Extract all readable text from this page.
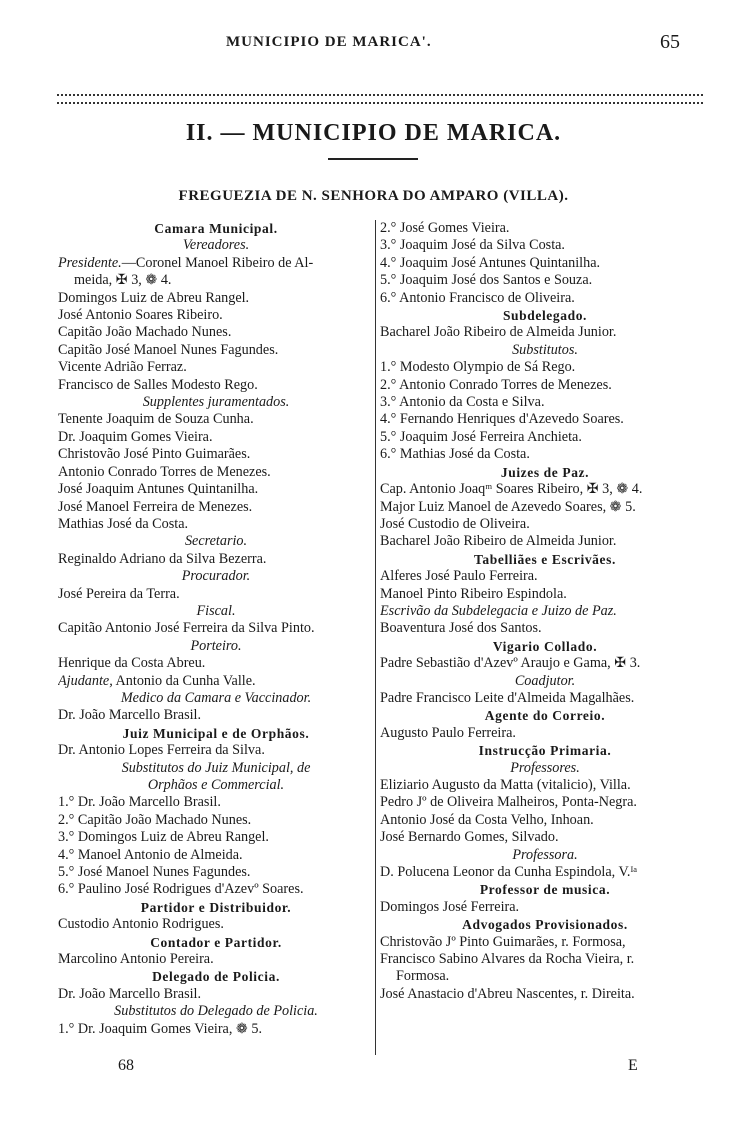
MUNICIPIO DE MARICA'.	65
II. — MUNICIPIO DE MARICA.
FREGUEZIA DE N. SENHORA DO AMPARO (VILLA).
Camara Municipal.
Vereadores.
Presidente.—Coronel Manoel Ribeiro de Al-
meida, ✠ 3, ❁ 4.
Domingos Luiz de Abreu Rangel.
José Antonio Soares Ribeiro.
Capitão João Machado Nunes.
Capitão José Manoel Nunes Fagundes.
Vicente Adrião Ferraz.
Francisco de Salles Modesto Rego.
Supplentes juramentados.
Tenente Joaquim de Souza Cunha.
Dr. Joaquim Gomes Vieira.
Christovão José Pinto Guimarães.
Antonio Conrado Torres de Menezes.
José Joaquim Antunes Quintanilha.
José Manoel Ferreira de Menezes.
Mathias José da Costa.
Secretario.
Reginaldo Adriano da Silva Bezerra.
Procurador.
José Pereira da Terra.
Fiscal.
Capitão Antonio José Ferreira da Silva Pinto.
Porteiro.
Henrique da Costa Abreu.
Ajudante, Antonio da Cunha Valle.
Medico da Camara e Vaccinador.
Dr. João Marcello Brasil.
Juiz Municipal e de Orphãos.
Dr. Antonio Lopes Ferreira da Silva.
Substitutos do Juiz Municipal, de
Orphãos e Commercial.
1.° Dr. João Marcello Brasil.
2.° Capitão João Machado Nunes.
3.° Domingos Luiz de Abreu Rangel.
4.° Manoel Antonio de Almeida.
5.° José Manoel Nunes Fagundes.
6.° Paulino José Rodrigues d'Azevº Soares.
Partidor e Distribuidor.
Custodio Antonio Rodrigues.
Contador e Partidor.
Marcolino Antonio Pereira.
Delegado de Policia.
Dr. João Marcello Brasil.
Substitutos do Delegado de Policia.
1.° Dr. Joaquim Gomes Vieira, ❁ 5.
2.° José Gomes Vieira.
3.° Joaquim José da Silva Costa.
4.° Joaquim José Antunes Quintanilha.
5.° Joaquim José dos Santos e Souza.
6.° Antonio Francisco de Oliveira.
Subdelegado.
Bacharel João Ribeiro de Almeida Junior.
Substitutos.
1.° Modesto Olympio de Sá Rego.
2.° Antonio Conrado Torres de Menezes.
3.° Antonio da Costa e Silva.
4.° Fernando Henriques d'Azevedo Soares.
5.° Joaquim José Ferreira Anchieta.
6.° Mathias José da Costa.
Juizes de Paz.
Cap. Antonio Joaqᵐ Soares Ribeiro, ✠ 3, ❁ 4.
Major Luiz Manoel de Azevedo Soares, ❁ 5.
José Custodio de Oliveira.
Bacharel João Ribeiro de Almeida Junior.
Tabelliães e Escrivães.
Alferes José Paulo Ferreira.
Manoel Pinto Ribeiro Espindola.
Escrivão da Subdelegacia e Juizo de Paz.
Boaventura José dos Santos.
Vigario Collado.
Padre Sebastião d'Azevº Araujo e Gama, ✠ 3.
Coadjutor.
Padre Francisco Leite d'Almeida Magalhães.
Agente do Correio.
Augusto Paulo Ferreira.
Instrucção Primaria.
Professores.
Eliziario Augusto da Matta (vitalicio), Villa.
Pedro Jº de Oliveira Malheiros, Ponta-Negra.
Antonio José da Costa Velho, Inhoan.
José Bernardo Gomes, Silvado.
Professora.
D. Polucena Leonor da Cunha Espindola, V.ᴵᵃ
Professor de musica.
Domingos José Ferreira.
Advogados Provisionados.
Christovão Jº Pinto Guimarães, r. Formosa,
Francisco Sabino Alvares da Rocha Vieira, r.
Formosa.
José Anastacio d'Abreu Nascentes, r. Direita.
68	E
